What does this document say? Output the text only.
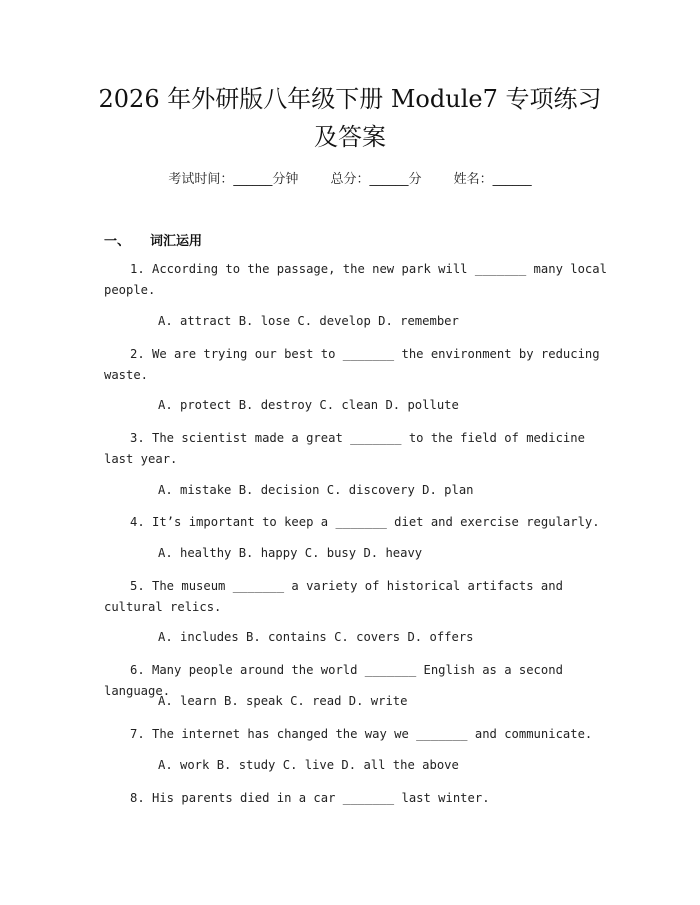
2026 年外研版八年级下册 Module7 专项练习
及答案
考试时间：______分钟 总分：______分 姓名：______
一、 词汇运用
1. According to the passage, the new park will _______ many local people.
A. attract B. lose C. develop D. remember
2. We are trying our best to _______ the environment by reducing waste.
A. protect B. destroy C. clean D. pollute
3. The scientist made a great _______ to the field of medicine last year.
A. mistake B. decision C. discovery D. plan
4. It’s important to keep a _______ diet and exercise regularly.
A. healthy B. happy C. busy D. heavy
5. The museum _______ a variety of historical artifacts and cultural relics.
A. includes B. contains C. covers D. offers
6. Many people around the world _______ English as a second language.
A. learn B. speak C. read D. write
7. The internet has changed the way we _______ and communicate.
A. work B. study C. live D. all the above
8. His parents died in a car _______ last winter.
